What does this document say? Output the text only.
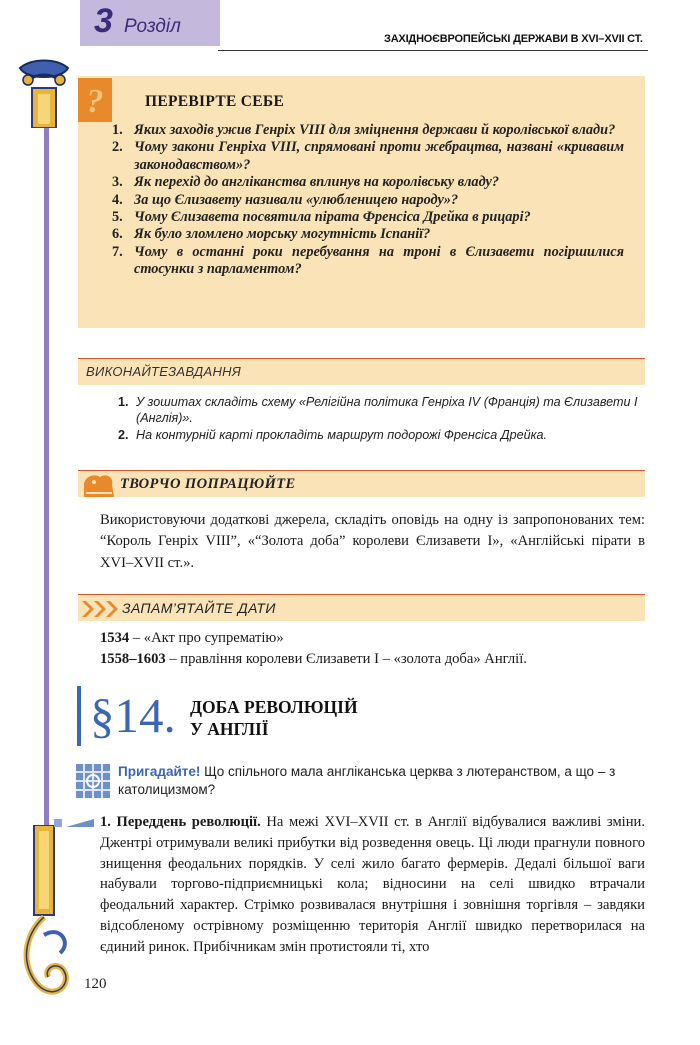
3 Розділ
ЗАХІДНОЄВРОПЕЙСЬКІ ДЕРЖАВИ В XVI–XVII СТ.
?	ПЕРЕВІРТЕ СЕБЕ
1. Яких заходів ужив Генріх VIII для зміцнення держави й королівської влади?
2. Чому закони Генріха VIII, спрямовані проти жебрацтва, названі «кривавим законодавством»?
3. Як перехід до англіканства вплинув на королівську владу?
4. За що Єлизавету називали «улюбленицею народу»?
5. Чому Єлизавета посвятила пірата Френсіса Дрейка в рицарі?
6. Як було зломлено морську могутність Іспанії?
7. Чому в останні роки перебування на троні в Єлизавети погіршилися стосунки з парламентом?
ВИКОНАЙТЕЗАВДАННЯ
1. У зошитах складіть схему «Релігійна політика Генріха IV (Франція) та Єлизавети I (Англія)».
2. На контурній карті прокладіть маршрут подорожі Френсіса Дрейка.
ТВОРЧО ПОПРАЦЮЙТЕ
Використовуючи додаткові джерела, складіть оповідь на одну із запропонованих тем: “Король Генріх VIII”, «“Золота доба” королеви Єлизавети I», «Англійські пірати в XVI–XVII ст.».
ЗАПАМ’ЯТАЙТЕ ДАТИ
1534 – «Акт про супрематію»
1558–1603 – правління королеви Єлизавети I – «золота доба» Англії.
§14. ДОБА РЕВОЛЮЦІЙ
У АНГЛІЇ
Пригадайте! Що спільного мала англіканська церква з лютеранством, а що – з католицизмом?
1. Переддень революції. На межі XVI–XVII ст. в Англії відбувалися важливі зміни. Джентрі отримували великі прибутки від розведення овець. Ці люди прагнули повного знищення феодальних порядків. У селі жило багато фермерів. Дедалі більшої ваги набували торгово-підприємницькі кола; відносини на селі швидко втрачали феодальний характер. Стрімко розвивалася внутрішня і зовнішня торгівля – завдяки відсобленому острівному розміщенню територія Англії швидко перетворилася на єдиний ринок. Прибічникам змін протистояли ті, хто
120
